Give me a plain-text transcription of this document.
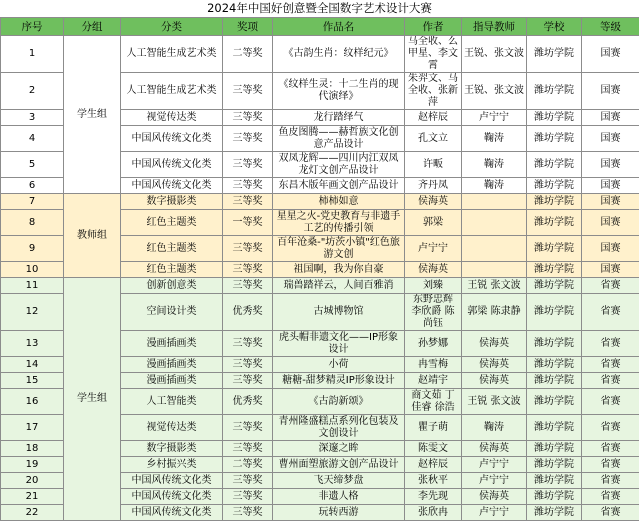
2024年中国好创意暨全国数字艺术设计大赛
序号	分组	分类	奖项	作品名	作者	指导教师	学校	等级
1	学生组	人工智能生成艺术类	二等奖	《古韵生肖：纹样纪元》	马全收、么甲星、李文霄	王锐、张文波	潍坊学院	国赛
2		人工智能生成艺术类	三等奖	《纹样生灵：十二生肖的现代演绎》	朱羿文、马全收、张新萍	王锐、张文波	潍坊学院	国赛
3		视觉传达类	三等奖	龙行踏绎气	赵梓辰	卢宁宁	潍坊学院	国赛
4		中国风传统文化类	三等奖	鱼皮图腾——赫哲族文化创意产品设计	孔文立	鞠涛	潍坊学院	国赛
5		中国风传统文化类	三等奖	双凤龙辉——四川内江双凤龙灯文创产品设计	许畈	鞠涛	潍坊学院	国赛
6		中国风传统文化类	三等奖	东昌木版年画文创产品设计	齐丹凤	鞠涛	潍坊学院	国赛
7	教师组	数字摄影类	三等奖	柿柿如意	侯海英		潍坊学院	国赛
8		红色主题类	一等奖	星星之火-党史教育与非遗手工艺的传播引领	郭梁		潍坊学院	国赛
9		红色主题类	三等奖	百年沧桑-"坊茨小镇"红色旅游文创	卢宁宁		潍坊学院	国赛
10		红色主题类	三等奖	祖国啊，我为你自豪	侯海英		潍坊学院	国赛
11	学生组	创新创意类	三等奖	瑞兽踏祥云，人间百雅消	刘臻	王锐 张文波	潍坊学院	省赛
12		空间设计类	优秀奖	古城博物馆	东野忠辉 李欣爵 陈尚钰	郭梁 陈隶静	潍坊学院	省赛
13		漫画插画类	三等奖	虎头帽非遗文化——IP形象设计	孙梦娜	侯海英	潍坊学院	省赛
14		漫画插画类	三等奖	小荷	冉雪梅	侯海英	潍坊学院	省赛
15		漫画插画类	三等奖	糖糖-甜梦精灵IP形象设计	赵靖宇	侯海英	潍坊学院	省赛
16		人工智能类	优秀奖	《古韵新颂》	商文茹 丁佳睿 徐浩	王锐 张文波	潍坊学院	省赛
17		视觉传达类	三等奖	青州隆盛糕点系列化包装及文创设计	瞿子萌	鞠涛	潍坊学院	省赛
18		数字摄影类	三等奖	深邃之眸	陈雯文	侯海英	潍坊学院	省赛
19		乡村振兴类	二等奖	曹州面塑旅游文创产品设计	赵梓辰	卢宁宁	潍坊学院	省赛
20		中国风传统文化类	三等奖	飞天缔梦盘	张秋平	卢宁宁	潍坊学院	省赛
21		中国风传统文化类	三等奖	非遗人格	李先现	侯海英	潍坊学院	省赛
22		中国风传统文化类	三等奖	玩转西游	张欣冉	卢宁宁	潍坊学院	省赛
